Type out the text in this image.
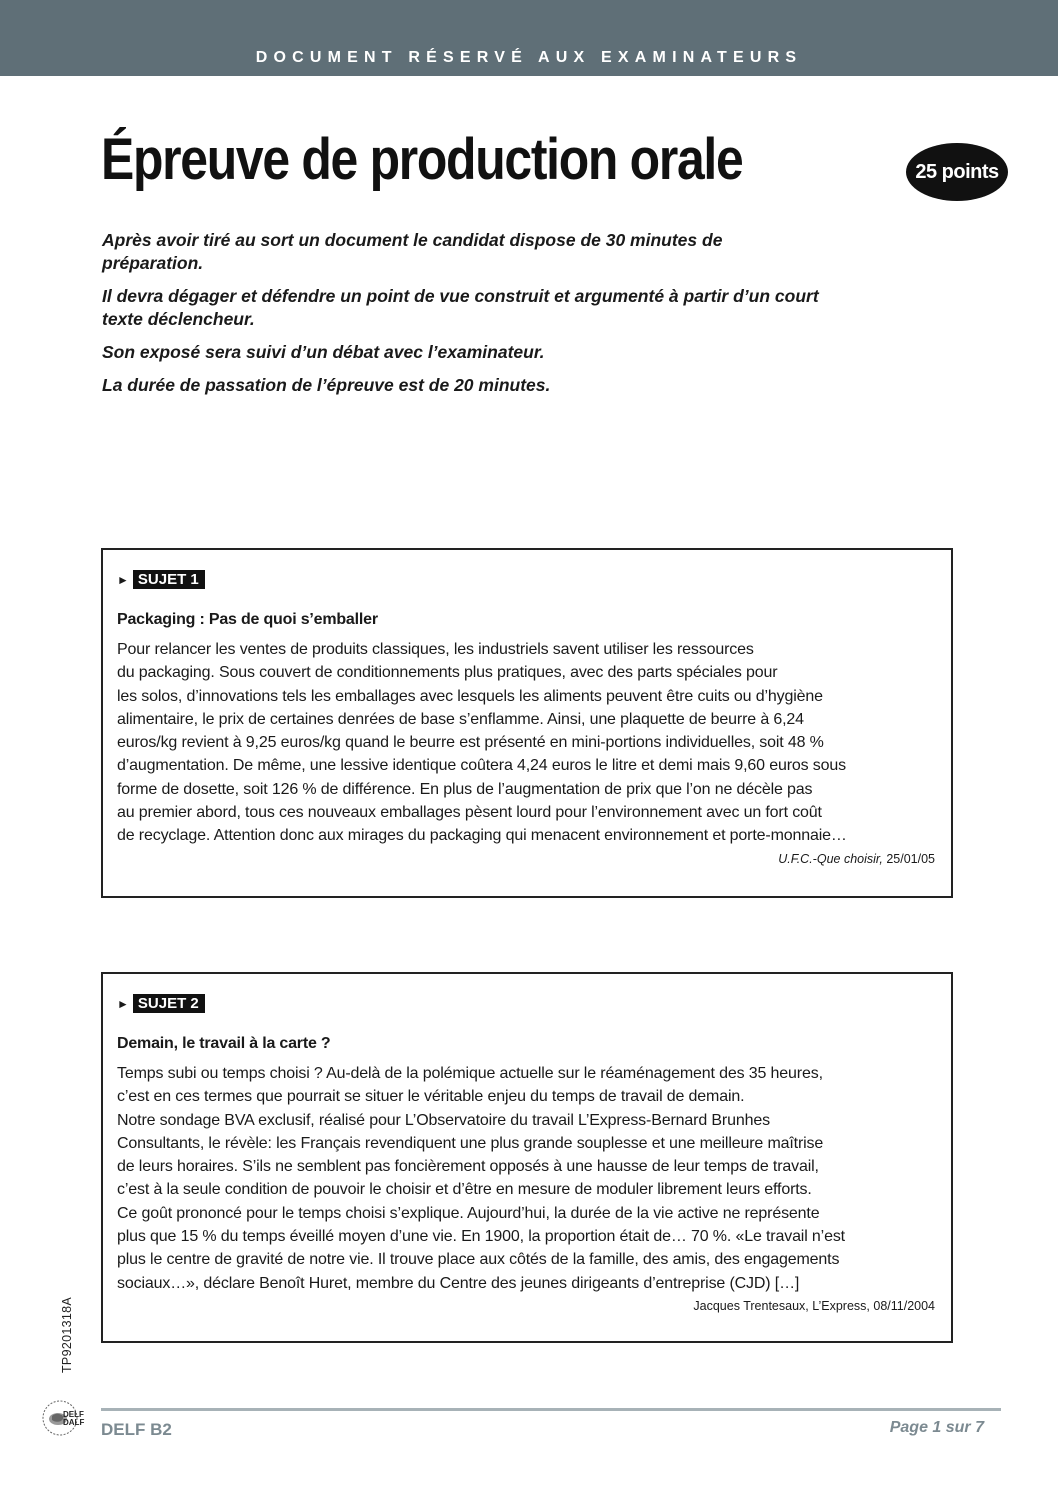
DOCUMENT RÉSERVÉ AUX EXAMINATEURS
Épreuve de production orale	25 points

Après avoir tiré au sort un document le candidat dispose de 30 minutes de préparation.

Il devra dégager et défendre un point de vue construit et argumenté à partir d’un court texte déclencheur.

Son exposé sera suivi d’un débat avec l’examinateur.

La durée de passation de l’épreuve est de 20 minutes.

► SUJET 1
Packaging : Pas de quoi s’emballer

Pour relancer les ventes de produits classiques, les industriels savent utiliser les ressources

du packaging. Sous couvert de conditionnements plus pratiques, avec des parts spéciales pour

les solos, d’innovations tels les emballages avec lesquels les aliments peuvent être cuits ou d’hygiène

alimentaire, le prix de certaines denrées de base s’enflamme. Ainsi, une plaquette de beurre à 6,24

euros/kg revient à 9,25 euros/kg quand le beurre est présenté en mini-portions individuelles, soit 48 %

d’augmentation. De même, une lessive identique coûtera 4,24 euros le litre et demi mais 9,60 euros sous

forme de dosette, soit 126 % de différence. En plus de l’augmentation de prix que l’on ne décèle pas

au premier abord, tous ces nouveaux emballages pèsent lourd pour l’environnement avec un fort coût

de recyclage. Attention donc aux mirages du packaging qui menacent environnement et porte-monnaie…

U.F.C.-Que choisir, 25/01/05
► SUJET 2
Demain, le travail à la carte ?

Temps subi ou temps choisi ? Au-delà de la polémique actuelle sur le réaménagement des 35 heures,

c’est en ces termes que pourrait se situer le véritable enjeu du temps de travail de demain.

Notre sondage BVA exclusif, réalisé pour L’Observatoire du travail L’Express-Bernard Brunhes

Consultants, le révèle: les Français revendiquent une plus grande souplesse et une meilleure maîtrise

de leurs horaires. S’ils ne semblent pas foncièrement opposés à une hausse de leur temps de travail,

c’est à la seule condition de pouvoir le choisir et d’être en mesure de moduler librement leurs efforts.

Ce goût prononcé pour le temps choisi s’explique. Aujourd’hui, la durée de la vie active ne représente

plus que 15 % du temps éveillé moyen d’une vie. En 1900, la proportion était de… 70 %. «Le travail n’est

plus le centre de gravité de notre vie. Il trouve place aux côtés de la famille, des amis, des engagements

sociaux…», déclare Benoît Huret, membre du Centre des jeunes dirigeants d’entreprise (CJD) […]

Jacques Trentesaux, L’Express, 08/11/2004
TP9201318A
DELF
DALF DELF B2	Page 1 sur 7
